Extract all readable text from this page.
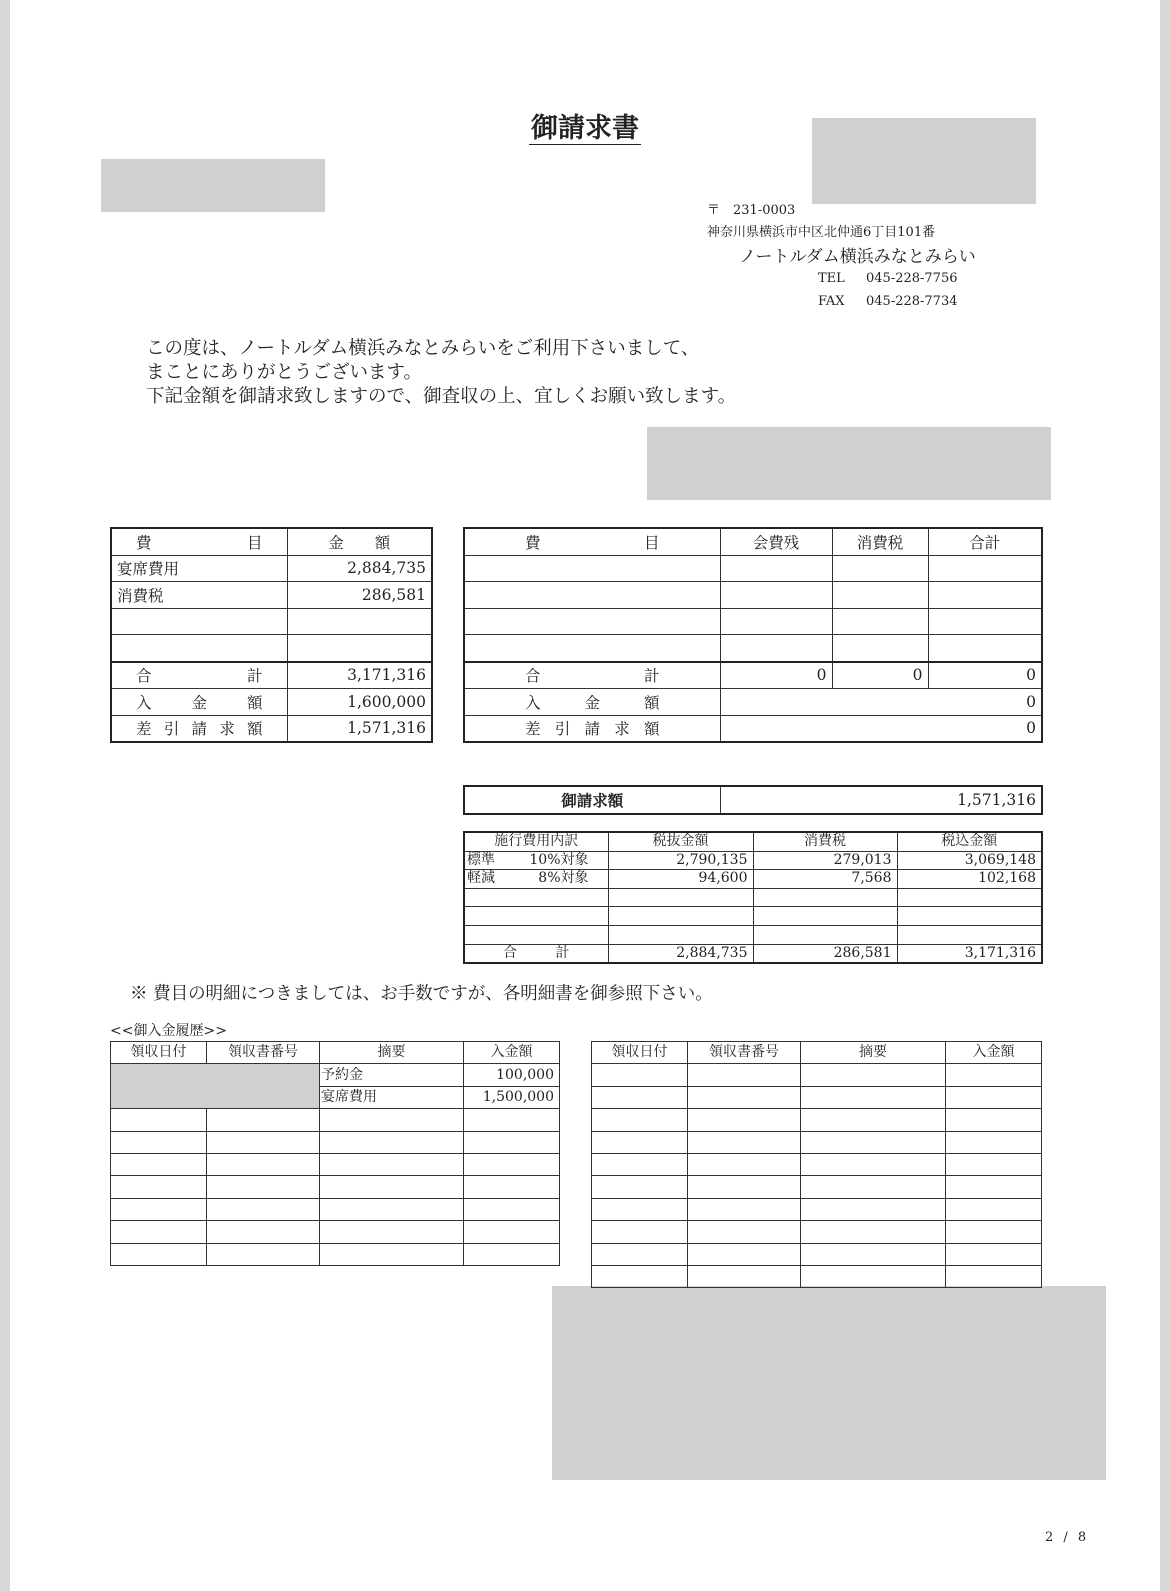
御請求書
〒　231-0003
神奈川県横浜市中区北仲通6丁目101番
ノートルダム横浜みなとみらい
TEL 045-228-7756
FAX 045-228-7734
この度は、ノートルダム横浜みなとみらいをご利用下さいまして、
まことにありがとうございます。
下記金額を御請求致しますので、御査収の上、宜しくお願い致します。
費　　　目	金　　額
宴席費用	2,884,735
消費税	286,581

合　　計	3,171,316
入金額	1,600,000
差引請求額	1,571,316
費　　　目	会費残	消費税	合計

合　　計	0	0	0
入金額	0		
差引請求額	0		
御請求額	1,571,316
施行費用内訳	税抜金額	消費税	税込金額
標準 10%対象	2,790,135	279,013	3,069,148
軽減 8%対象	94,600	7,568	102,168

合　　計	2,884,735	286,581	3,171,316
※ 費目の明細につきましては、お手数ですが、各明細書を御参照下さい。
<<御入金履歴>>
領収日付	領収書番号	摘要	入金額
		予約金	100,000
		宴席費用	1,500,000

領収日付	領収書番号	摘要	入金額

2 / 8
